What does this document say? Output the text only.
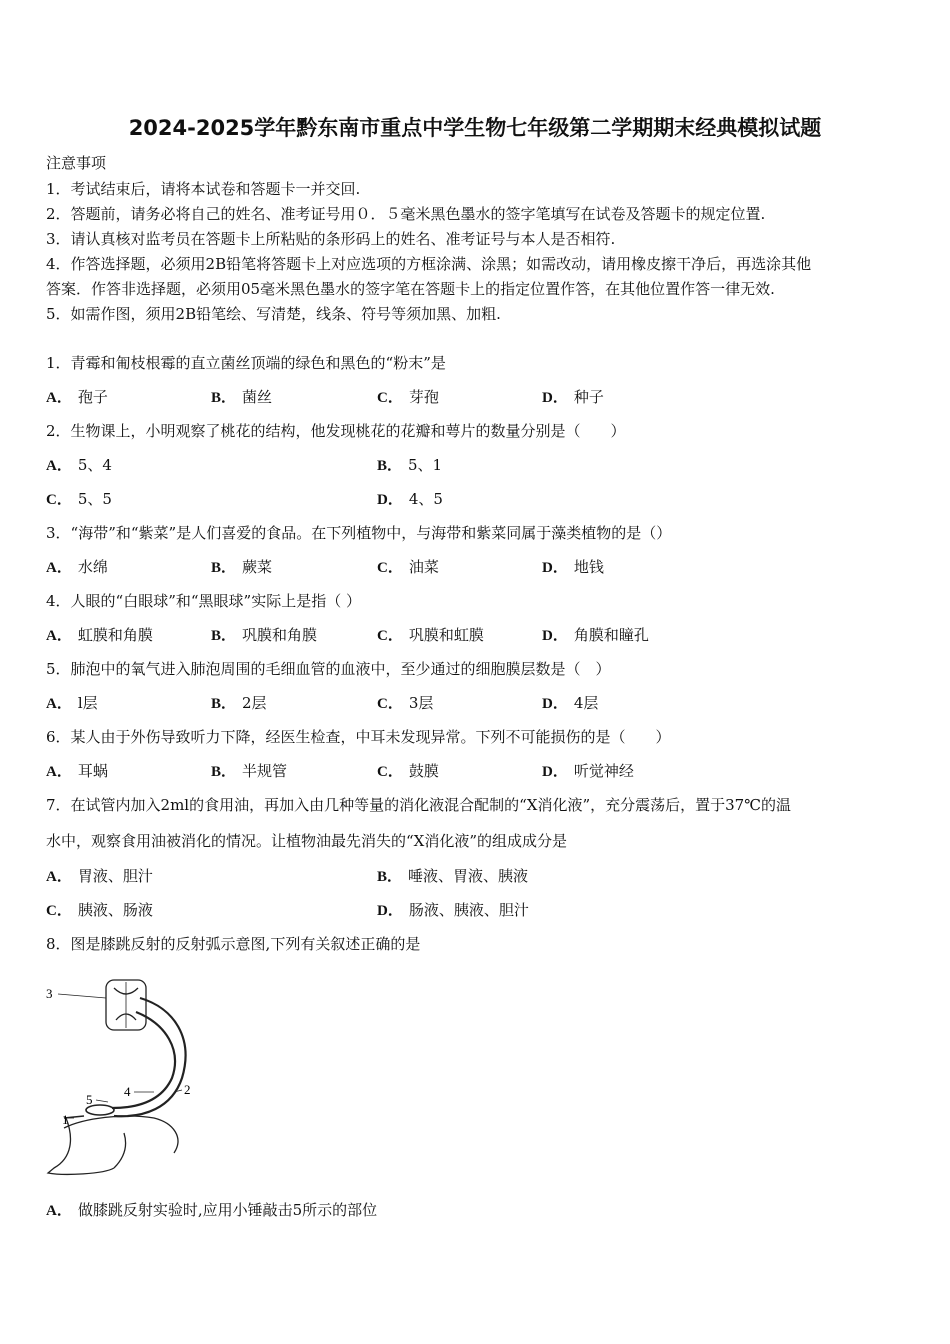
2024-2025学年黔东南市重点中学生物七年级第二学期期末经典模拟试题
注意事项
1．考试结束后，请将本试卷和答题卡一并交回.
2．答题前，请务必将自己的姓名、准考证号用０．５毫米黑色墨水的签字笔填写在试卷及答题卡的规定位置.
3．请认真核对监考员在答题卡上所粘贴的条形码上的姓名、准考证号与本人是否相符.
4．作答选择题，必须用2B铅笔将答题卡上对应选项的方框涂满、涂黑；如需改动，请用橡皮擦干净后，再选涂其他
答案．作答非选择题，必须用05毫米黑色墨水的签字笔在答题卡上的指定位置作答，在其他位置作答一律无效.
5．如需作图，须用2B铅笔绘、写清楚，线条、符号等须加黑、加粗.
1．青霉和匍枝根霉的直立菌丝顶端的绿色和黑色的“粉末”是
A． 孢子	B． 菌丝	C． 芽孢	D． 种子
2．生物课上，小明观察了桃花的结构，他发现桃花的花瓣和萼片的数量分别是（　　）
A． 5、4	B． 5、1
C． 5、5	D． 4、5
3．“海带”和“紫菜”是人们喜爱的食品。在下列植物中，与海带和紫菜同属于藻类植物的是（）
A． 水绵	B． 蕨菜	C． 油菜	D． 地钱
4．人眼的“白眼球”和“黑眼球”实际上是指（ ）
A． 虹膜和角膜	B． 巩膜和角膜	C． 巩膜和虹膜	D． 角膜和瞳孔
5．肺泡中的氧气进入肺泡周围的毛细血管的血液中，至少通过的细胞膜层数是（　）
A． l层	B． 2层	C． 3层	D． 4层
6．某人由于外伤导致听力下降，经医生检查，中耳未发现异常。下列不可能损伤的是（　　）
A． 耳蜗	B． 半规管	C． 鼓膜	D． 听觉神经
7．在试管内加入2ml的食用油，再加入由几种等量的消化液混合配制的“X消化液”，充分震荡后，置于37℃的温
水中，观察食用油被消化的情况。让植物油最先消失的“X消化液”的组成成分是
A． 胃液、胆汁	B． 唾液、胃液、胰液
C． 胰液、肠液	D． 肠液、胰液、胆汁
8．图是膝跳反射的反射弧示意图,下列有关叙述正确的是
3
4
5
2
1
A． 做膝跳反射实验时,应用小锤敲击5所示的部位
